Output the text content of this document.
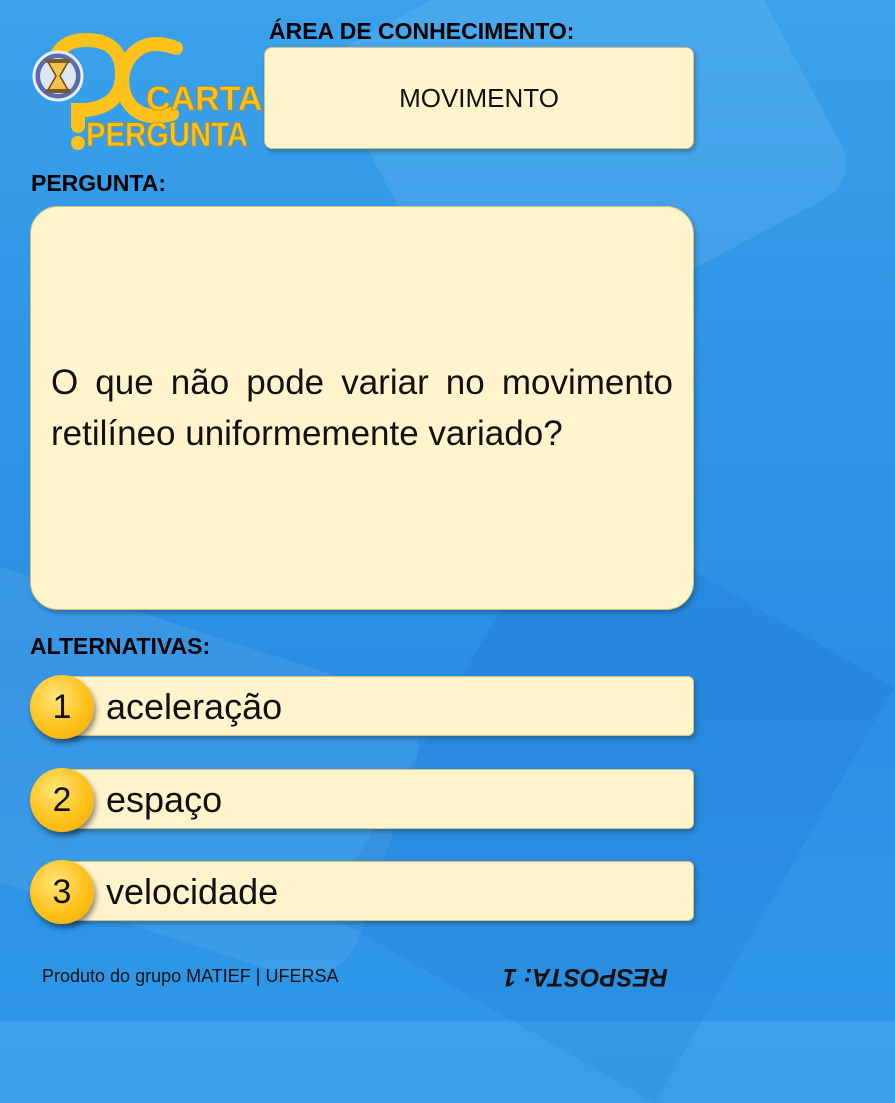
CARTA
PERGUNTA
ÁREA DE CONHECIMENTO:
MOVIMENTO
PERGUNTA:
O que não pode variar no movimento retilíneo uniformemente variado?
ALTERNATIVAS:
aceleração
1
espaço
2
velocidade
3
Produto do grupo MATIEF | UFERSA	RESPOSTA: 1
